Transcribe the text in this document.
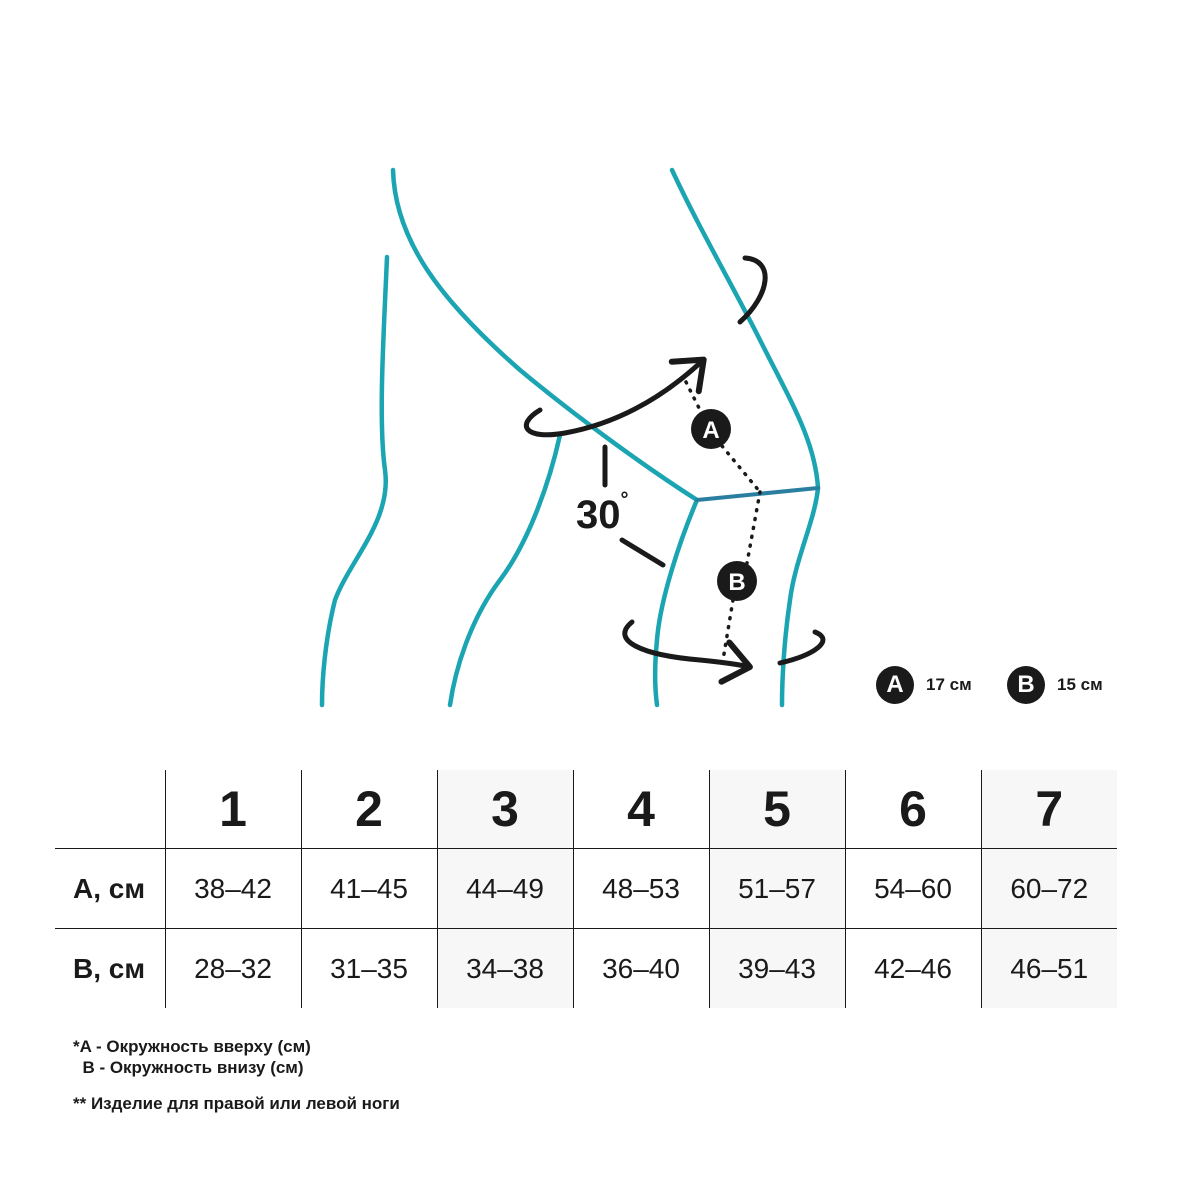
30°
A
B
A	17 см	B	15 см
	1	2	3	4	5	6	7
A, см	38–42	41–45	44–49	48–53	51–57	54–60	60–72
B, см	28–32	31–35	34–38	36–40	39–43	42–46	46–51
*A - Окружность вверху (см)
B - Окружность внизу (см)
** Изделие для правой или левой ноги
